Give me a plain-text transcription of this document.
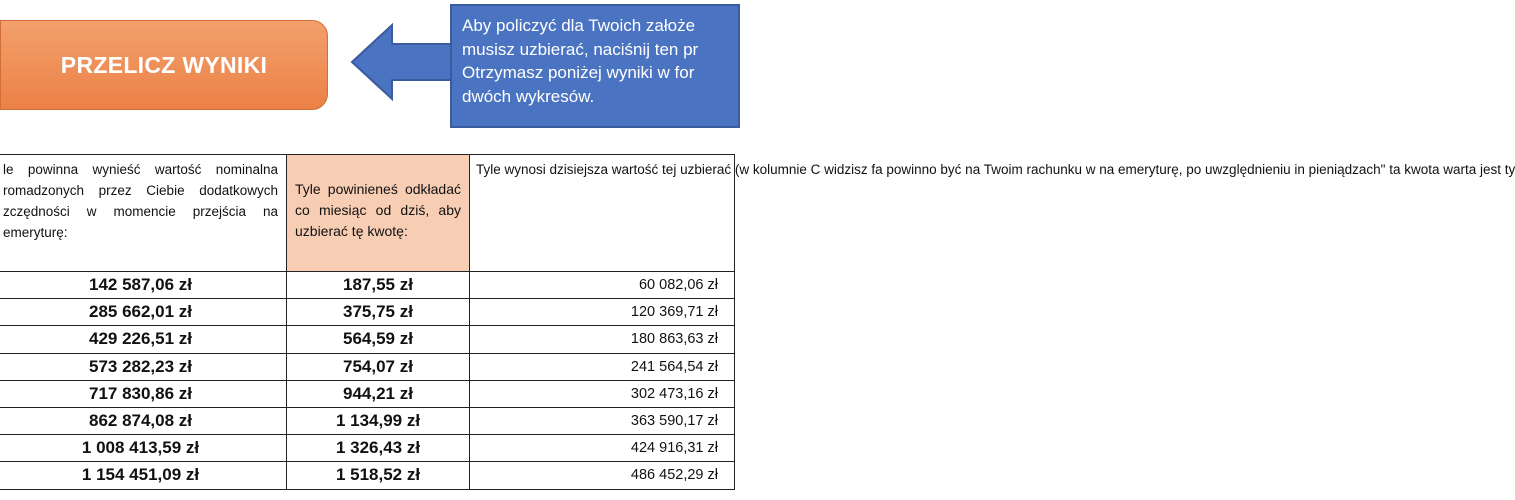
PRZELICZ WYNIKI
Aby policzyć dla Twoich założe
musisz uzbierać, naciśnij ten pr
Otrzymasz poniżej wyniki w for
dwóch wykresów.
le powinna wynieść wartość nominalna romadzonych przez Ciebie dodatkowych zczędności w momencie przejścia na emeryturę:	Tyle powinieneś odkładać co miesiąc od dziś, aby uzbierać tę kwotę:	Tyle wynosi dzisiejsza wartość tej uzbierać (w kolumnie C widzisz fa powinno być na Twoim rachunku w na emeryturę, po uwzględnieniu in pieniądzach" ta kwota warta jest ty
142 587,06 zł	187,55 zł	60 082,06 zł
285 662,01 zł	375,75 zł	120 369,71 zł
429 226,51 zł	564,59 zł	180 863,63 zł
573 282,23 zł	754,07 zł	241 564,54 zł
717 830,86 zł	944,21 zł	302 473,16 zł
862 874,08 zł	1 134,99 zł	363 590,17 zł
1 008 413,59 zł	1 326,43 zł	424 916,31 zł
1 154 451,09 zł	1 518,52 zł	486 452,29 zł
